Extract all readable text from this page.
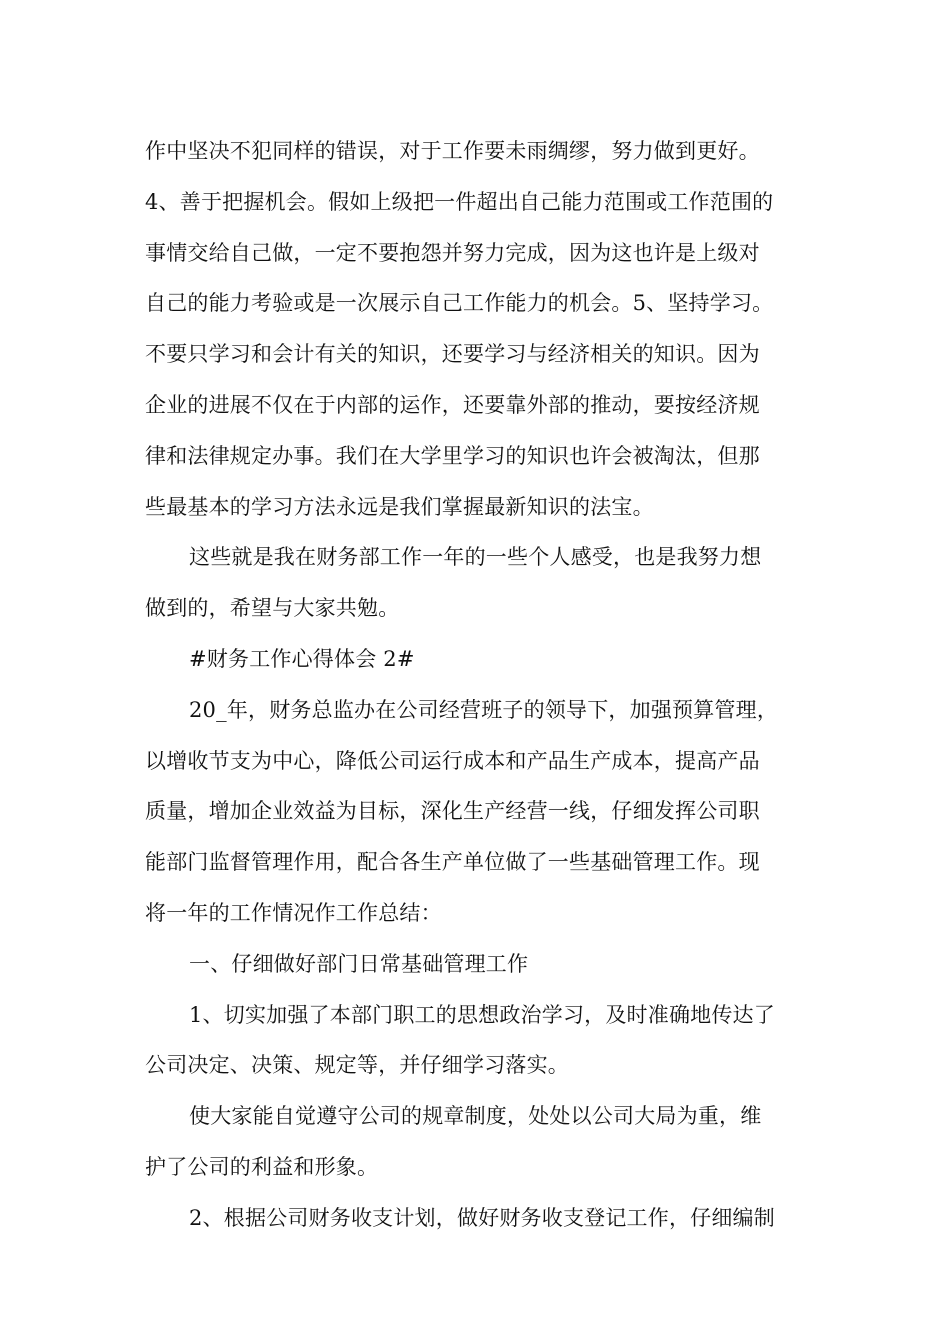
作中坚决不犯同样的错误，对于工作要未雨绸缪，努力做到更好。
4、善于把握机会。假如上级把一件超出自己能力范围或工作范围的
事情交给自己做，一定不要抱怨并努力完成，因为这也许是上级对
自己的能力考验或是一次展示自己工作能力的机会。5、坚持学习。
不要只学习和会计有关的知识，还要学习与经济相关的知识。因为
企业的进展不仅在于内部的运作，还要靠外部的推动，要按经济规
律和法律规定办事。我们在大学里学习的知识也许会被淘汰，但那
些最基本的学习方法永远是我们掌握最新知识的法宝。
这些就是我在财务部工作一年的一些个人感受，也是我努力想
做到的，希望与大家共勉。
#财务工作心得体会 2#
20_年，财务总监办在公司经营班子的领导下，加强预算管理，
以增收节支为中心，降低公司运行成本和产品生产成本，提高产品
质量，增加企业效益为目标，深化生产经营一线，仔细发挥公司职
能部门监督管理作用，配合各生产单位做了一些基础管理工作。现
将一年的工作情况作工作总结：
一、仔细做好部门日常基础管理工作
1、切实加强了本部门职工的思想政治学习，及时准确地传达了
公司决定、决策、规定等，并仔细学习落实。
使大家能自觉遵守公司的规章制度，处处以公司大局为重，维
护了公司的利益和形象。
2、根据公司财务收支计划，做好财务收支登记工作，仔细编制
